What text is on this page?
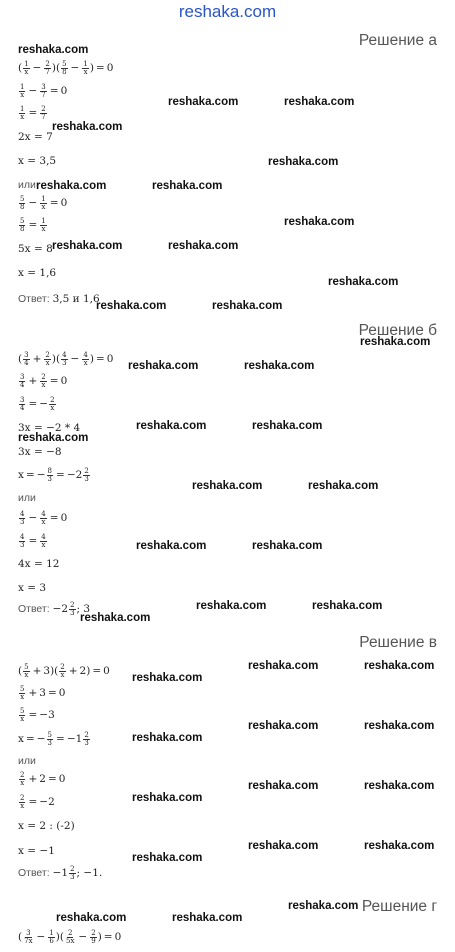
reshaka.com
Решение а
reshaka.com
( 1
$x - \frac{2}{7}$ )( 5
$8 - \frac{1}{x}$ ) = 0
1
$x - \frac{3}{7} = 0$
$\frac{1}{x} = \frac{2}{7}$
reshaka.com	reshaka.com
reshaka.com
2x = 7
x = 3,5	reshaka.com
или reshaka.com	reshaka.com
5
$8 - \frac{1}{x} = 0$
$\frac{5}{8} = \frac{1}{x}$	reshaka.com
5x = 8 reshaka.com	reshaka.com
x = 1,6
reshaka.com
Ответ:
3,5 и 1,6
reshaka.com	reshaka.com
Решение б
reshaka.com
( 3
$4 + \frac{2}{x}$ )( 4
$3 - \frac{4}{x}$ ) = 0
reshaka.com	reshaka.com
3
$4 + \frac{2}{x} = 0$
$\frac{3}{4}$ = − $\frac{2}{x}$
3x = −2 * 4	reshaka.com	reshaka.com
reshaka.com
3x = −8
x = − $\frac{8}{3}$ = − 2 2
3
reshaka.com	reshaka.com
или
4
$3 - \frac{4}{x} = 0$
$\frac{4}{3} = \frac{4}{x}$	reshaka.com	reshaka.com
4x = 12
x = 3
Ответ:
− 2 2
3 ; 3	reshaka.com	reshaka.com
reshaka.com
Решение в
( 5
$x + 3)( \frac{2}{x} + 2) = 0$	reshaka.com	reshaka.com
reshaka.com
5
x + 3 = 0
$\frac{5}{x} = -3$
reshaka.com	reshaka.com
x = − $\frac{5}{3}$ = − 1 2
3	reshaka.com
или
2
x + 2 = 0
reshaka.com	reshaka.com
$\frac{2}{x} = -2$	reshaka.com
x = 2 : (-2)
x = −1	reshaka.com	reshaka.com
reshaka.com
Ответ:
− 1 2
3 ; −1.
reshaka.com Решение г
reshaka.com	reshaka.com
( 3
$7x - \frac{1}{6}$ )( 2
$5x - \frac{2}{9}$ ) = 0
